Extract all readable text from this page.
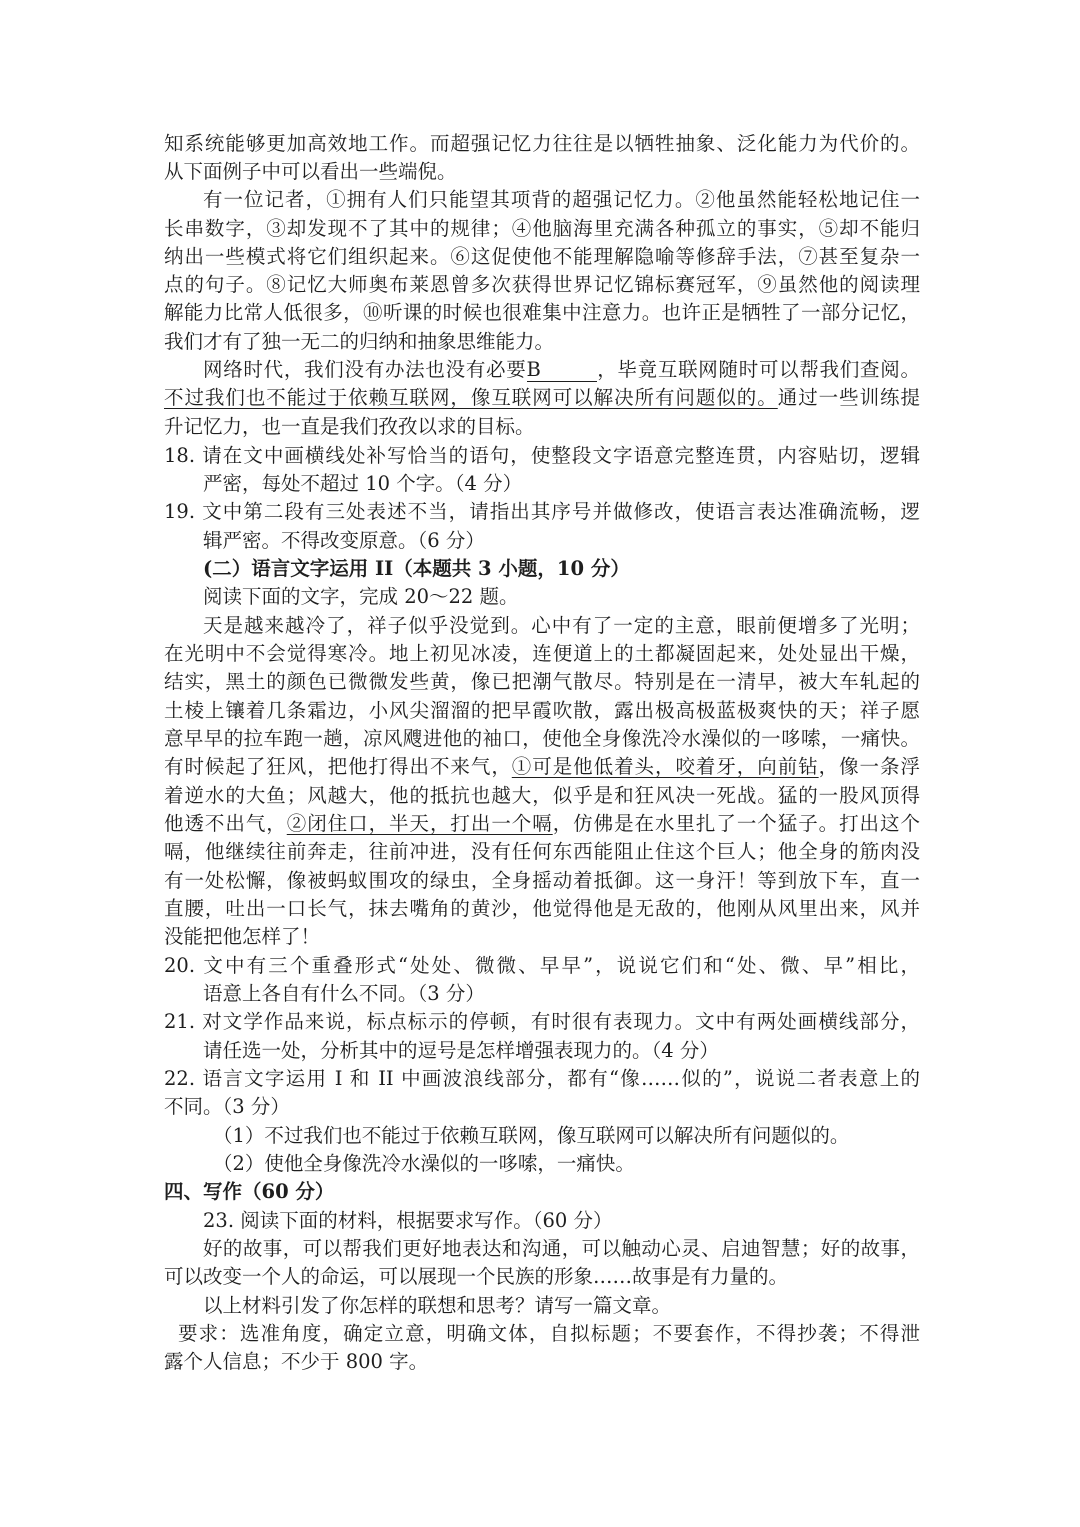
知系统能够更加高效地工作。而超强记忆力往往是以牺牲抽象、泛化能力为代价的。
从下面例子中可以看出一些端倪。
有一位记者，①拥有人们只能望其项背的超强记忆力。②他虽然能轻松地记住一
长串数字，③却发现不了其中的规律；④他脑海里充满各种孤立的事实，⑤却不能归
纳出一些模式将它们组织起来。⑥这促使他不能理解隐喻等修辞手法，⑦甚至复杂一
点的句子。⑧记忆大师奥布莱恩曾多次获得世界记忆锦标赛冠军，⑨虽然他的阅读理
解能力比常人低很多，⑩听课的时候也很难集中注意力。也许正是牺牲了一部分记忆，
我们才有了独一无二的归纳和抽象思维能力。
网络时代，我们没有办法也没有必要B	，毕竟互联网随时可以帮我们查阅。
不过我们也不能过于依赖互联网，像互联网可以解决所有问题似的。通过一些训练提
升记忆力，也一直是我们孜孜以求的目标。
18. 请在文中画横线处补写恰当的语句，使整段文字语意完整连贯，内容贴切，逻辑
严密，每处不超过 10 个字。（4 分）
19. 文中第二段有三处表述不当，请指出其序号并做修改，使语言表达准确流畅，逻
辑严密。不得改变原意。（6 分）
(二）语言文字运用 II（本题共 3 小题，10 分）
阅读下面的文字，完成 20～22 题。
天是越来越冷了，祥子似乎没觉到。心中有了一定的主意，眼前便增多了光明；
在光明中不会觉得寒冷。地上初见冰凌，连便道上的土都凝固起来，处处显出干燥，
结实，黑土的颜色已微微发些黄，像已把潮气散尽。特别是在一清早，被大车轧起的
土棱上镶着几条霜边，小风尖溜溜的把早霞吹散，露出极高极蓝极爽快的天；祥子愿
意早早的拉车跑一趟，凉风飕进他的袖口，使他全身像洗冷水澡似的一哆嗦，一痛快。
有时候起了狂风，把他打得出不来气，①可是他低着头，咬着牙，向前钻，像一条浮
着逆水的大鱼；风越大，他的抵抗也越大，似乎是和狂风决一死战。猛的一股风顶得
他透不出气，②闭住口，半天，打出一个嗝，仿佛是在水里扎了一个猛子。打出这个
嗝，他继续往前奔走，往前冲进，没有任何东西能阻止住这个巨人；他全身的筋肉没
有一处松懈，像被蚂蚁围攻的绿虫，全身摇动着抵御。这一身汗！等到放下车，直一
直腰，吐出一口长气，抹去嘴角的黄沙，他觉得他是无敌的，他刚从风里出来，风并
没能把他怎样了！
20. 文中有三个重叠形式“处处、微微、早早”，说说它们和“处、微、早”相比，
语意上各自有什么不同。（3 分）
21. 对文学作品来说，标点标示的停顿，有时很有表现力。文中有两处画横线部分，
请任选一处，分析其中的逗号是怎样增强表现力的。（4 分）
22. 语言文字运用 I 和 II 中画波浪线部分，都有“像……似的”，说说二者表意上的
不同。（3 分）
（1）不过我们也不能过于依赖互联网，像互联网可以解决所有问题似的。
（2）使他全身像洗冷水澡似的一哆嗦，一痛快。
四、写作（60 分）
23. 阅读下面的材料，根据要求写作。（60 分）
好的故事，可以帮我们更好地表达和沟通，可以触动心灵、启迪智慧；好的故事，
可以改变一个人的命运，可以展现一个民族的形象……故事是有力量的。
以上材料引发了你怎样的联想和思考？请写一篇文章。
要求：选准角度，确定立意，明确文体，自拟标题；不要套作，不得抄袭；不得泄
露个人信息；不少于 800 字。
